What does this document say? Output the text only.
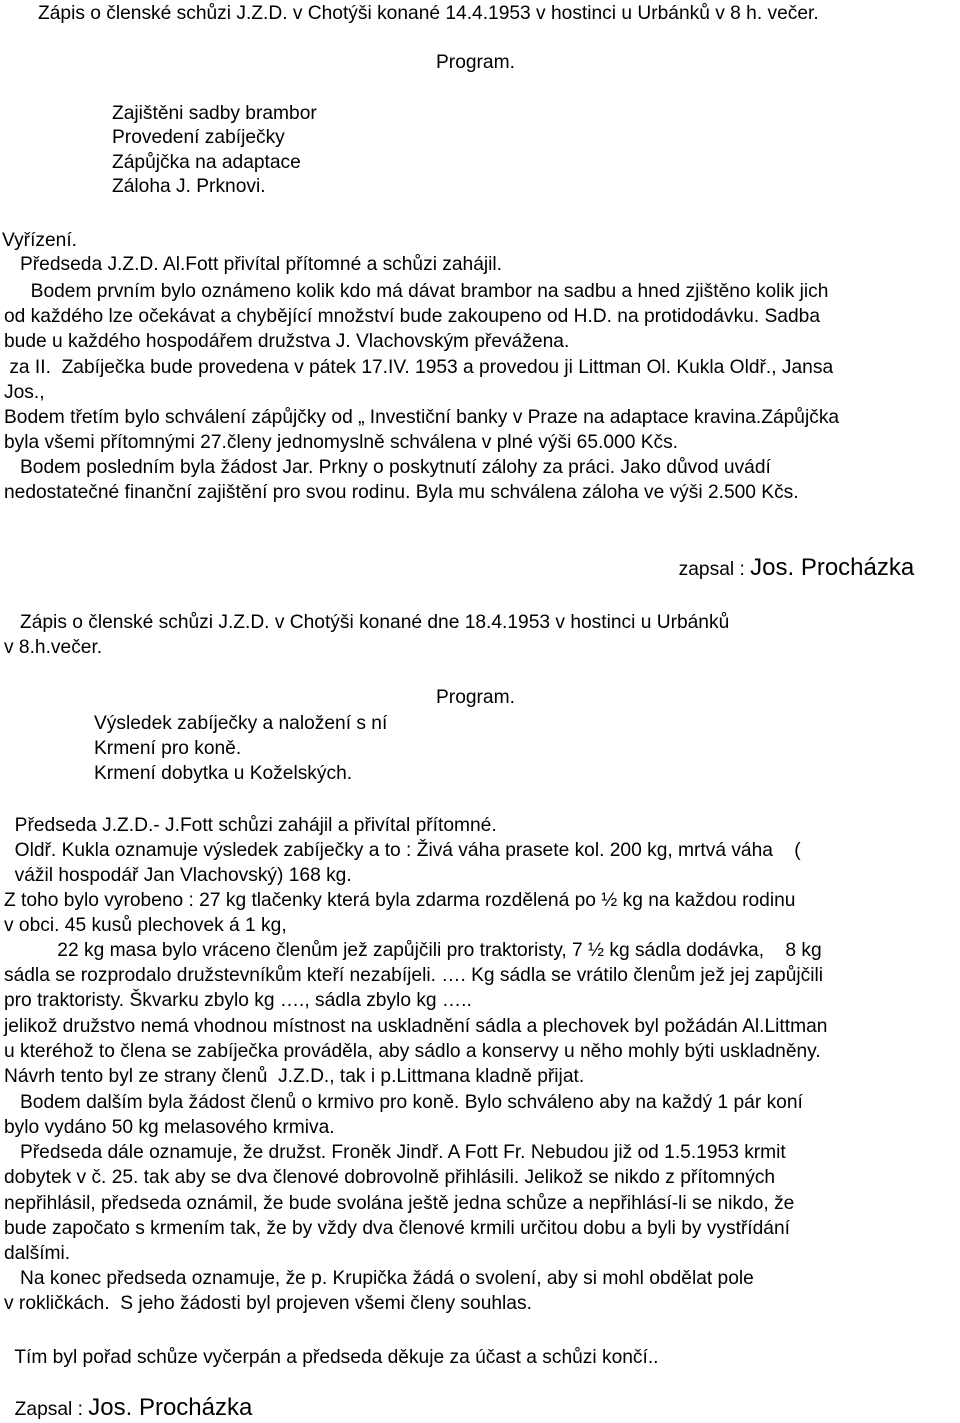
Zápis o členské schůzi J.Z.D. v Chotýši konané 14.4.1953 v hostinci u Urbánků v 8 h. večer.
Program.
Zajištěni sadby brambor
Provedení zabíječky
Zápůjčka na adaptace
Záloha J. Prknovi.
Vyřízení.
Předseda J.Z.D. Al.Fott přivítal přítomné a schůzi zahájil.
Bodem prvním bylo oznámeno kolik kdo má dávat brambor na sadbu a hned zjištěno kolik jich
od každého lze očekávat a chybějící množství bude zakoupeno od H.D. na protidodávku. Sadba
bude u každého hospodářem družstva J. Vlachovským převážena.
za II.  Zabíječka bude provedena v pátek 17.IV. 1953 a provedou ji Littman Ol. Kukla Oldř., Jansa
Jos.,
Bodem třetím bylo schválení zápůjčky od „ Investiční banky v Praze na adaptace kravina.Zápůjčka
byla všemi přítomnými 27.členy jednomyslně schválena v plné výši 65.000 Kčs.
Bodem posledním byla žádost Jar. Prkny o poskytnutí zálohy za práci. Jako důvod uvádí
nedostatečné finanční zajištění pro svou rodinu. Byla mu schválena záloha ve výši 2.500 Kčs.

zapsal : Jos. Procházka

Zápis o členské schůzi J.Z.D. v Chotýši konané dne 18.4.1953 v hostinci u Urbánků
v 8.h.večer.
Program.
Výsledek zabíječky a naložení s ní
Krmení pro koně.
Krmení dobytka u Koželských.
Předseda J.Z.D.- J.Fott schůzi zahájil a přivítal přítomné.
Oldř. Kukla oznamuje výsledek zabíječky a to : Živá váha prasete kol. 200 kg, mrtvá váha    (
vážil hospodář Jan Vlachovský) 168 kg.
Z toho bylo vyrobeno : 27 kg tlačenky která byla zdarma rozdělená po ½ kg na každou rodinu
v obci. 45 kusů plechovek á 1 kg,
22 kg masa bylo vráceno členům jež zapůjčili pro traktoristy, 7 ½ kg sádla dodávka,    8 kg
sádla se rozprodalo družstevníkům kteří nezabíjeli. …. Kg sádla se vrátilo členům jež jej zapůjčili
pro traktoristy. Škvarku zbylo kg …., sádla zbylo kg …..
jelikož družstvo nemá vhodnou místnost na uskladnění sádla a plechovek byl požádán Al.Littman
u kteréhož to člena se zabíječka prováděla, aby sádlo a konservy u něho mohly býti uskladněny.
Návrh tento byl ze strany členů  J.Z.D., tak i p.Littmana kladně přijat.
Bodem dalším byla žádost členů o krmivo pro koně. Bylo schváleno aby na každý 1 pár koní
bylo vydáno 50 kg melasového krmiva.
Předseda dále oznamuje, že družst. Froněk Jindř. A Fott Fr. Nebudou již od 1.5.1953 krmit
dobytek v č. 25. tak aby se dva členové dobrovolně přihlásili. Jelikož se nikdo z přítomných
nepřihlásil, předseda oznámil, že bude svolána ještě jedna schůze a nepřihlásí-li se nikdo, že
bude započato s krmením tak, že by vždy dva členové krmili určitou dobu a byli by vystřídání
dalšími.
Na konec předseda oznamuje, že p. Krupička žádá o svolení, aby si mohl obdělat pole
v rokličkách.  S jeho žádosti byl projeven všemi členy souhlas.
Tím byl pořad schůze vyčerpán a předseda děkuje za účast a schůzi končí..

Zapsal : Jos. Procházka
